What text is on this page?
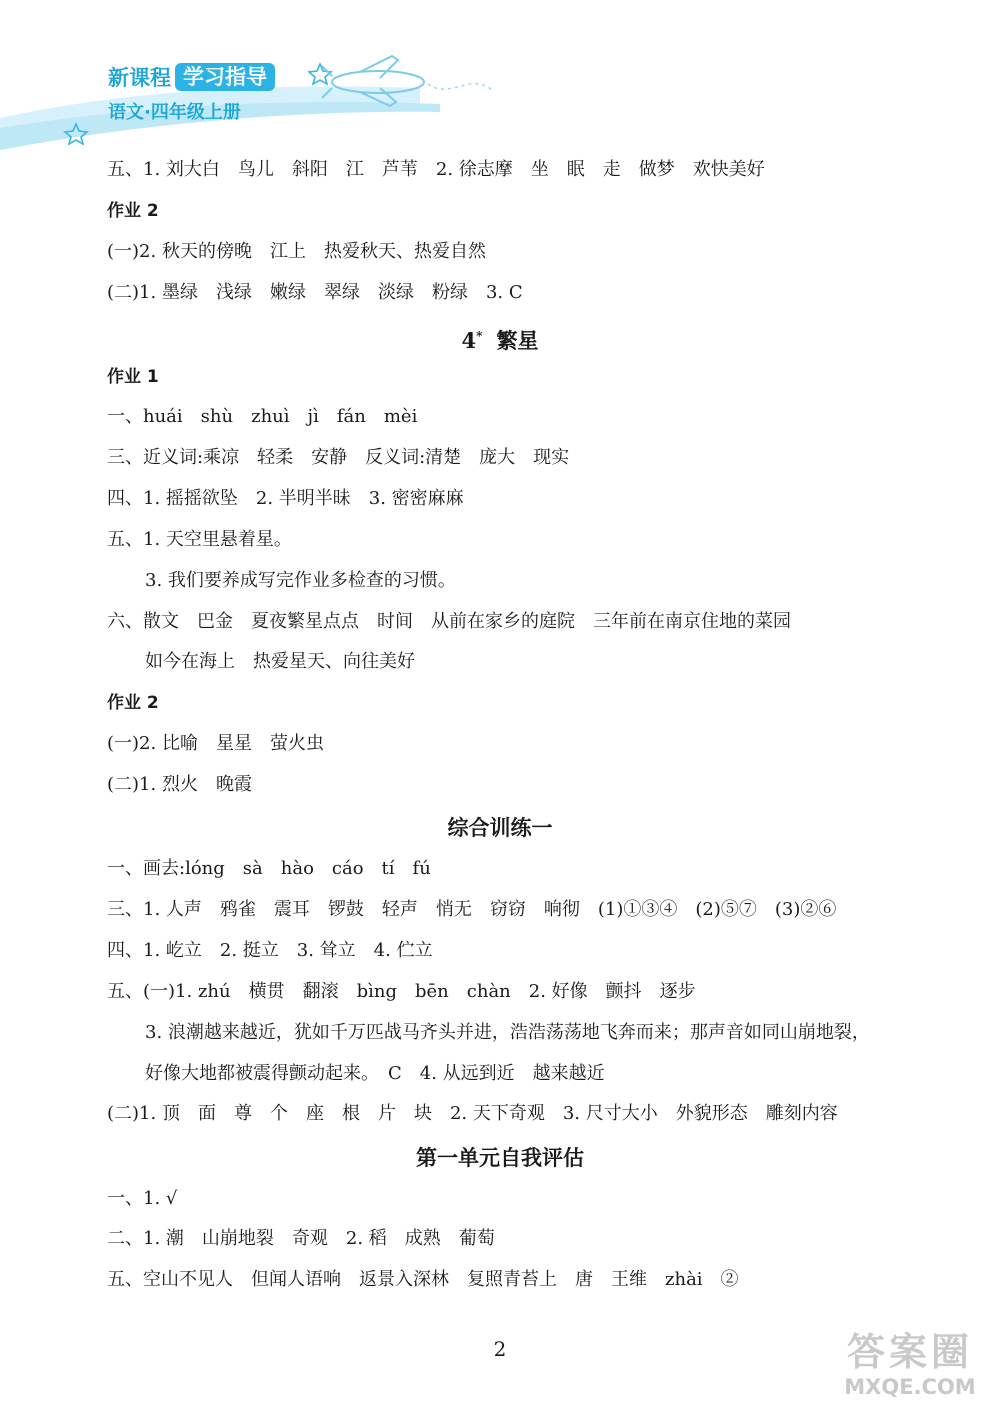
新课程 学习指导
语文·四年级上册
五、1. 刘大白　鸟儿　斜阳　江　芦苇　2. 徐志摩　坐　眠　走　做梦　欢快美好
作业 2
(一)2. 秋天的傍晚　江上　热爱秋天、热爱自然
(二)1. 墨绿　浅绿　嫩绿　翠绿　淡绿　粉绿　3. C
4* 繁星
作业 1
一、huái　shù　zhuì　jì　fán　mèi
三、近义词:乘凉　轻柔　安静　反义词:清楚　庞大　现实
四、1. 摇摇欲坠　2. 半明半昧　3. 密密麻麻
五、1. 天空里悬着星。
3. 我们要养成写完作业多检查的习惯。
六、散文　巴金　夏夜繁星点点　时间　从前在家乡的庭院　三年前在南京住地的菜园
如今在海上　热爱星天、向往美好
作业 2
(一)2. 比喻　星星　萤火虫
(二)1. 烈火　晚霞
综合训练一
一、画去:lóng　sà　hào　cáo　tí　fú
三、1. 人声　鸦雀　震耳　锣鼓　轻声　悄无　窃窃　响彻　(1)①③④　(2)⑤⑦　(3)②⑥
四、1. 屹立　2. 挺立　3. 耸立　4. 伫立
五、(一)1. zhú　横贯　翻滚　bìng　bēn　chàn　2. 好像　颤抖　逐步
3. 浪潮越来越近，犹如千万匹战马齐头并进，浩浩荡荡地飞奔而来；那声音如同山崩地裂，
好像大地都被震得颤动起来。　C　4. 从远到近　越来越近
(二)1. 顶　面　尊　个　座　根　片　块　2. 天下奇观　3. 尺寸大小　外貌形态　雕刻内容
第一单元自我评估
一、1. √
二、1. 潮　山崩地裂　奇观　2. 稻　成熟　葡萄
五、空山不见人　但闻人语响　返景入深林　复照青苔上　唐　王维　zhài　②
2	答案圈
MXQE.COM
